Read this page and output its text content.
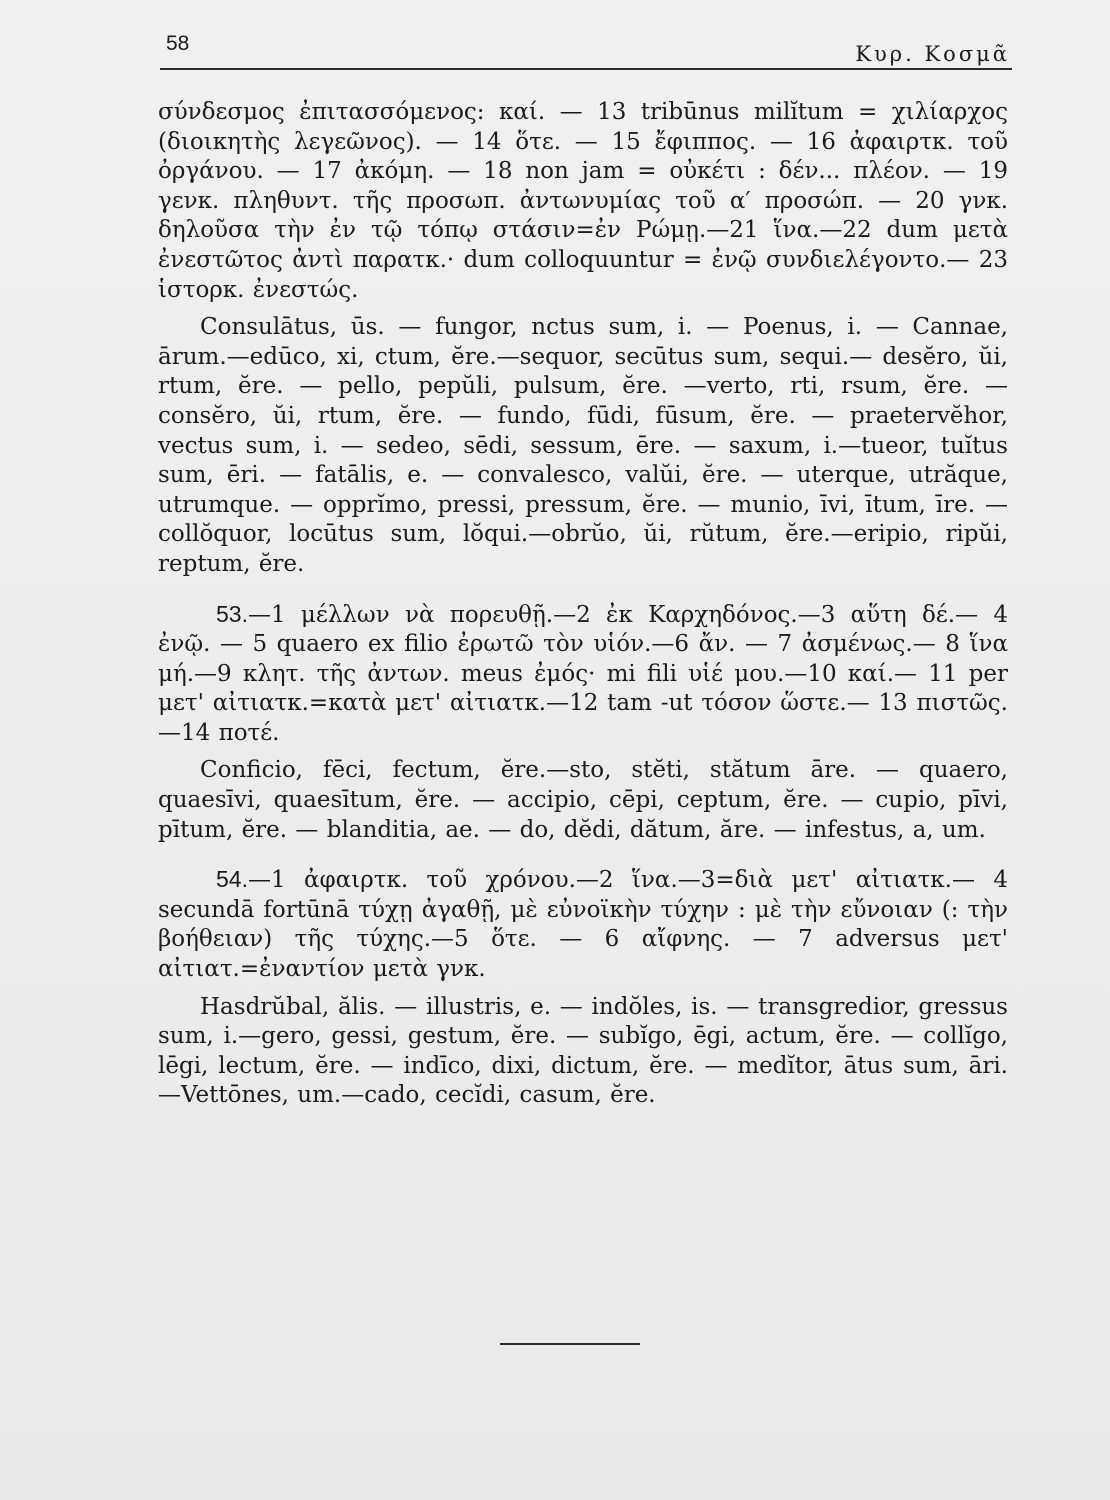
58	Κυρ. Κοσμᾶ

σύνδεσμος ἐπιτασσόμενος: καί. — 13 tribūnus milĭtum = χιλίαρχος (διοικητὴς λεγεῶνος). — 14 ὅτε. — 15 ἔφιππος. — 16 ἀφαιρτκ. τοῦ ὀργάνου. — 17 ἀκόμη. — 18 non jam = οὐκέτι : δέν... πλέον. — 19 γενκ. πληθυντ. τῆς προσωπ. ἀντωνυμίας τοῦ α′ προσώπ. — 20 γνκ. δηλοῦσα τὴν ἐν τῷ τόπῳ στάσιν=ἐν Ρώμῃ.—21 ἵνα.—22 dum μετὰ ἐνεστῶτος ἀντὶ παρατκ.· dum colloquuntur = ἐνῷ συνδιελέγοντο.— 23 ἱστορκ. ἐνεστώς.

Consulātus, ūs. — fungor, nctus sum, i. — Poenus, i. — Cannae, ārum.—edūco, xi, ctum, ĕre.—sequor, secūtus sum, sequi.— desĕro, ŭi, rtum, ĕre. — pello, pepŭli, pulsum, ĕre. —verto, rti, rsum, ĕre. — consĕro, ŭi, rtum, ĕre. — fundo, fūdi, fūsum, ĕre. — praetervĕhor, vectus sum, i. — sedeo, sēdi, sessum, ēre. — saxum, i.—tueor, tuĭtus sum, ēri. — fatālis, e. — convalesco, valŭi, ĕre. — uterque, utrăque, utrumque. — opprĭmo, pressi, pressum, ĕre. — munio, īvi, ītum, īre. — collŏquor, locūtus sum, lŏqui.—obrŭo, ŭi, rŭtum, ĕre.—eripio, ripŭi, reptum, ĕre.

53.—1 μέλλων νὰ πορευθῇ.—2 ἐκ Καρχηδόνος.—3 αὕτη δέ.— 4 ἐνῷ. — 5 quaero ex filio ἐρωτῶ τὸν υἱόν.—6 ἄν. — 7 ἀσμένως.— 8 ἵνα μή.—9 κλητ. τῆς ἀντων. meus ἐμός· mi fili υἱέ μου.—10 καί.— 11 per μετ' αἰτιατκ.=κατὰ μετ' αἰτιατκ.—12 tam -ut τόσον ὥστε.— 13 πιστῶς.—14 ποτέ.

Conficio, fēci, fectum, ĕre.—sto, stĕti, stătum āre. — quaero, quaesīvi, quaesītum, ĕre. — accipio, cēpi, ceptum, ĕre. — cupio, pīvi, pītum, ĕre. — blanditia, ae. — do, dĕdi, dătum, ăre. — infestus, a, um.

54.—1 ἀφαιρτκ. τοῦ χρόνου.—2 ἵνα.—3=διὰ μετ' αἰτιατκ.— 4 secundā fortūnā τύχῃ ἀγαθῇ, μὲ εὐνοϊκὴν τύχην : μὲ τὴν εὔνοιαν (: τὴν βοήθειαν) τῆς τύχης.—5 ὅτε. — 6 αἴφνης. — 7 adversus μετ' αἰτιατ.=ἐναντίον μετὰ γνκ.

Hasdrŭbal, ălis. — illustris, e. — indŏles, is. — transgredior, gressus sum, i.—gero, gessi, gestum, ĕre. — subĭgo, ēgi, actum, ĕre. — collĭgo, lēgi, lectum, ĕre. — indīco, dixi, dictum, ĕre. — medĭtor, ātus sum, āri.—Vettōnes, um.—cado, cecĭdi, casum, ĕre.
